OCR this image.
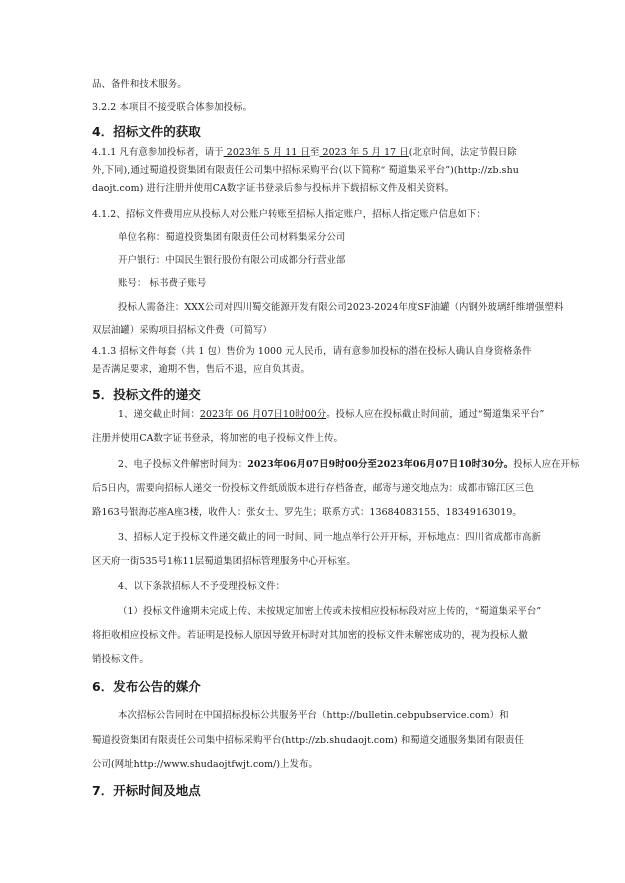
品、备件和技术服务。
3.2.2 本项目不接受联合体参加投标。
4．招标文件的获取
4.1.1 凡有意参加投标者，请于 2023年 5 月 11 日至 2023 年 5 月 17 日(北京时间，法定节假日除
外,下同),通过蜀道投资集团有限责任公司集中招标采购平台(以下简称“ 蜀道集采平台”)(http://zb.shu
daojt.com) 进行注册并使用CA数字证书登录后参与投标并下载招标文件及相关资料。
4.1.2、招标文件费用应从投标人对公账户转账至招标人指定账户，招标人指定账户信息如下：
单位名称：蜀道投资集团有限责任公司材料集采分公司
开户银行：中国民生银行股份有限公司成都分行营业部
账号： 标书费子账号
投标人需备注：XXX公司对四川蜀交能源开发有限公司2023-2024年度SF油罐（内钢外玻璃纤维增强塑料
双层油罐）采购项目招标文件费（可简写）
4.1.3 招标文件每套（共 1 包）售价为 1000 元人民币，请有意参加投标的潜在投标人确认自身资格条件
是否满足要求，逾期不售，售后不退，应自负其责。
5．投标文件的递交
1、递交截止时间：2023年 06 月07日10时00分。投标人应在投标截止时间前，通过“蜀道集采平台”
注册并使用CA数字证书登录，将加密的电子投标文件上传。
2、电子投标文件解密时间为：2023年06月07日9时00分至2023年06月07日10时30分。投标人应在开标
后5日内，需要向招标人递交一份投标文件纸质版本进行存档备查，邮寄与递交地点为：成都市锦江区三色
路163号银海芯座A座3楼，收件人：张女士、罗先生；联系方式：13684083155、18349163019。
3、招标人定于投标文件递交截止的同一时间、同一地点举行公开开标，开标地点：四川省成都市高新
区天府一街535号1栋11层蜀道集团招标管理服务中心开标室。
4、以下条款招标人不予受理投标文件：
（1）投标文件逾期未完成上传、未按规定加密上传或未按相应投标标段对应上传的，“蜀道集采平台”
将拒收相应投标文件。若证明是投标人原因导致开标时对其加密的投标文件未解密成功的，视为投标人撤
销投标文件。
6．发布公告的媒介
本次招标公告同时在中国招标投标公共服务平台（http://bulletin.cebpubservice.com）和
蜀道投资集团有限责任公司集中招标采购平台(http://zb.shudaojt.com) 和蜀道交通服务集团有限责任
公司(网址http://www.shudaojtfwjt.com/)上发布。
7．开标时间及地点
